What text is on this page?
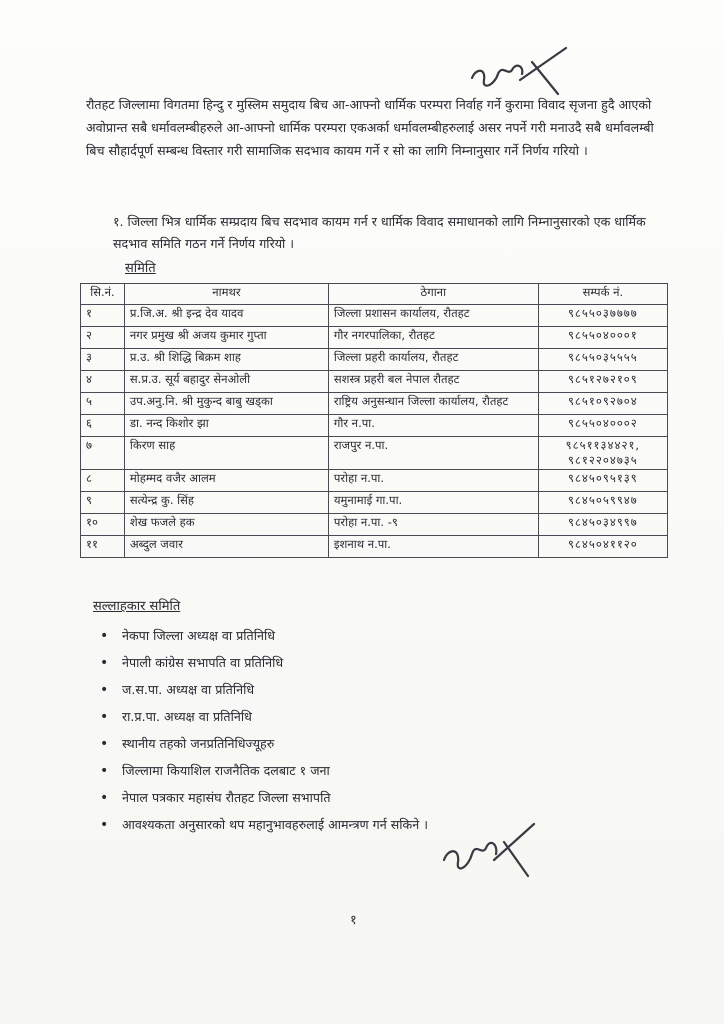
रौतहट जिल्लामा विगतमा हिन्दु र मुस्लिम समुदाय बिच आ-आफ्नो धार्मिक परम्परा निर्वाह गर्ने कुरामा विवाद सृजना हुदै आएको अवोप्रान्त सबै धर्मावलम्बीहरुले आ-आफ्नो धार्मिक परम्परा एकअर्का धर्मावलम्बीहरुलाई असर नपर्ने गरी मनाउदै सबै धर्मावलम्बी बिच सौहार्दपूर्ण सम्बन्ध विस्तार गरी सामाजिक सदभाव कायम गर्ने र सो का लागि निम्नानुसार गर्ने निर्णय गरियो ।

१. जिल्ला भित्र धार्मिक सम्प्रदाय बिच सदभाव कायम गर्न र धार्मिक विवाद समाधानको लागि निम्नानुसारको एक धार्मिक सदभाव समिति गठन गर्ने निर्णय गरियो ।

समिति

सि.नं.	नामथर	ठेगाना	सम्पर्क नं.
१	प्र.जि.अ. श्री इन्द्र देव यादव	जिल्ला प्रशासन कार्यालय, रौतहट	९८५५०३७७७७
२	नगर प्रमुख श्री अजय कुमार गुप्ता	गौर नगरपालिका, रौतहट	९८५५०४०००१
३	प्र.उ. श्री शिद्धि बिक्रम शाह	जिल्ला प्रहरी कार्यालय, रौतहट	९८५५०३५५५५
४	स.प्र.उ. सूर्य बहादुर सेनओली	सशस्त्र प्रहरी बल नेपाल रौतहट	९८५१२७२१०९
५	उप.अनु.नि. श्री मुकुन्द बाबु खड्का	राष्ट्रिय अनुसन्धान जिल्ला कार्यालय, रौतहट	९८५१०९२७०४
६	डा. नन्द किशोर झा	गौर न.पा.	९८५५०४०००२
७	किरण साह	राजपुर न.पा.	९८५११३४४२१,
९८१२२०४७३५

८	मोहम्मद वजैर आलम	परोहा न.पा.	९८४५०९५१३९
९	सत्येन्द्र कु. सिंह	यमुनामाई गा.पा.	९८४५०५९९४७
१०	शेख फजले हक	परोहा न.पा. -९	९८४५०३४९९७
११	अब्दुल जवार	इशनाथ न.पा.	९८४५०४११२०

सल्लाहकार समिति

• नेकपा जिल्ला अध्यक्ष वा प्रतिनिधि
• नेपाली कांग्रेस सभापति वा प्रतिनिधि
• ज.स.पा. अध्यक्ष वा प्रतिनिधि
• रा.प्र.पा. अध्यक्ष वा प्रतिनिधि
• स्थानीय तहको जनप्रतिनिधिज्यूहरु
• जिल्लामा कियाशिल राजनैतिक दलबाट १ जना
• नेपाल पत्रकार महासंघ रौतहट जिल्ला सभापति
• आवश्यकता अनुसारको थप महानुभावहरुलाई आमन्त्रण गर्न सकिने ।
१
